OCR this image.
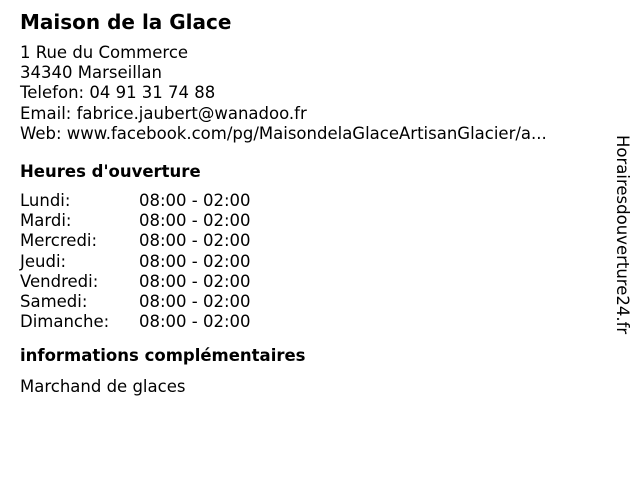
Maison de la Glace
1 Rue du Commerce
34340 Marseillan
Telefon: 04 91 31 74 88
Email: fabrice.jaubert@wanadoo.fr
Web: www.facebook.com/pg/MaisondelaGlaceArtisanGlacier/a...
Heures d'ouverture
Lundi:	08:00 - 02:00
Mardi:	08:00 - 02:00
Mercredi:	08:00 - 02:00
Jeudi:	08:00 - 02:00
Vendredi:	08:00 - 02:00
Samedi:	08:00 - 02:00
Dimanche:	08:00 - 02:00
informations complémentaires
Marchand de glaces
Horairesdouverture24.fr
